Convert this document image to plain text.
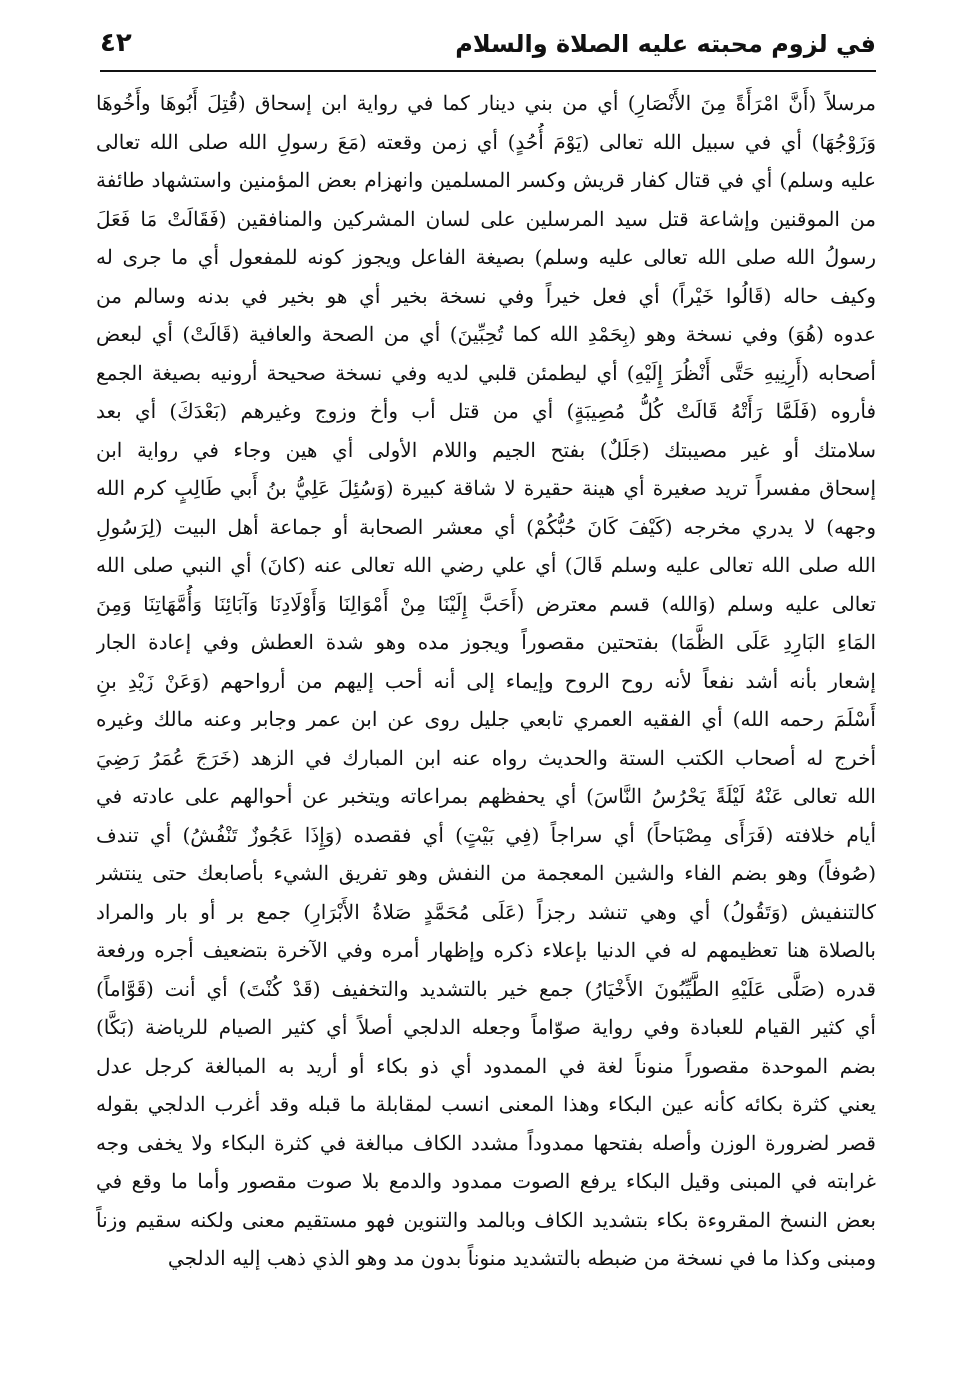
في لزوم محبته عليه الصلاة والسلام
٤٢
مرسلاً (أَنَّ امْرَأَةً مِنَ الأَنْصَارِ) أي من بني دينار كما في رواية ابن إسحاق (قُتِلَ أَبُوهَا وأَخُوهَا
وَزَوْجُهَا) أي في سبيل الله تعالى (يَوْمَ أُحُدٍ) أي زمن وقعته (مَعَ رسولِ الله صلى الله تعالى
عليه وسلم) أي في قتال كفار قريش وكسر المسلمين وانهزام بعض المؤمنين واستشهاد طائفة
من الموقنين وإشاعة قتل سيد المرسلين على لسان المشركين والمنافقين (فَقَالَتْ مَا فَعَلَ
رسولُ الله صلى الله تعالى عليه وسلم) بصيغة الفاعل ويجوز كونه للمفعول أي ما جرى له
وكيف حاله (قَالُوا خَيْراً) أي فعل خيراً وفي نسخة بخير أي هو بخير في بدنه وسالم من
عدوه (هُوَ) وفي نسخة وهو (بِحَمْدِ الله كما تُحِبِّينَ) أي من الصحة والعافية (قَالَتْ) أي لبعض
أصحابه (أَرِنِيهِ حَتَّى أَنْظُرَ إِلَيْهِ) أي ليطمئن قلبي لديه وفي نسخة صحيحة أرونيه بصيغة الجمع
فأروه (فَلَمَّا رَأَتْهُ قَالَتْ كُلُّ مُصِيبَةٍ) أي من قتل أب وأخ وزوج وغيرهم (بَعْدَكَ) أي بعد
سلامتك أو غير مصيبتك (جَلَلٌ) بفتح الجيم واللام الأولى أي هين وجاء في رواية ابن
إسحاق مفسراً تريد صغيرة أي هينة حقيرة لا شاقة كبيرة (وَسُئِلَ عَلِيُّ بنُ أَبي طَالِبٍ كرم الله
وجهه) لا يدري مخرجه (كَيْفَ كَانَ حُبُّكُمْ) أي معشر الصحابة أو جماعة أهل البيت (لِرَسُولِ
الله صلى الله تعالى عليه وسلم قَالَ) أي علي رضي الله تعالى عنه (كانَ) أي النبي صلى الله
تعالى عليه وسلم (وَالله) قسم معترض (أَحَبَّ إِلَيْنَا مِنْ أَمْوَالِنَا وَأَوْلَادِنَا وَآبَائِنَا وَأُمَّهَاتِنَا وَمِنَ
المَاءِ البَارِدِ عَلَى الظَّمَا) بفتحتين مقصوراً ويجوز مده وهو شدة العطش وفي إعادة الجار
إشعار بأنه أشد نفعاً لأنه روح الروح وإيماء إلى أنه أحب إليهم من أرواحهم (وَعَنْ زَيْدِ بنِ
أَسْلَمَ رحمه الله) أي الفقيه العمري تابعي جليل روى عن ابن عمر وجابر وعنه مالك وغيره
أخرج له أصحاب الكتب الستة والحديث رواه عنه ابن المبارك في الزهد (خَرَجَ عُمَرُ رَضِيَ
الله تعالى عَنْهُ لَيْلَةً يَحْرُسُ النَّاسَ) أي يحفظهم بمراعاته ويتخبر عن أحوالهم على عادته في
أيام خلافته (فَرَأَى مِصْبَاحاً) أي سراجاً (فِي بَيْتٍ) أي فقصده (وَإِذَا عَجُوزٌ تَنْفُشُ) أي تندف
(صُوفاً) وهو بضم الفاء والشين المعجمة من النفش وهو تفريق الشيء بأصابعك حتى ينتشر
كالتنفيش (وَتَقُولُ) أي وهي تنشد رجزاً (عَلَى مُحَمَّدٍ صَلاةُ الأَبْرَارِ) جمع بر أو بار والمراد
بالصلاة هنا تعظيمهم له في الدنيا بإعلاء ذكره وإظهار أمره وفي الآخرة بتضعيف أجره ورفعة
قدره (صَلَّى عَلَيْهِ الطَّيِّبُونَ الأَخْيَارُ) جمع خير بالتشديد والتخفيف (قَدْ كُنْتَ) أي أنت (قَوَّاماً)
أي كثير القيام للعبادة وفي رواية صوّاماً وجعله الدلجي أصلاً أي كثير الصيام للرياضة (بَكَّا)
بضم الموحدة مقصوراً منوناً لغة في الممدود أي ذو بكاء أو أريد به المبالغة كرجل عدل
يعني كثرة بكائه كأنه عين البكاء وهذا المعنى انسب لمقابلة ما قبله وقد أغرب الدلجي بقوله
قصر لضرورة الوزن وأصله بفتحها ممدوداً مشدد الكاف مبالغة في كثرة البكاء ولا يخفى وجه
غرابته في المبنى وقيل البكاء يرفع الصوت ممدود والدمع بلا صوت مقصور وأما ما وقع في
بعض النسخ المقروءة بكاء بتشديد الكاف وبالمد والتنوين فهو مستقيم معنى ولكنه سقيم وزناً
ومبنى وكذا ما في نسخة من ضبطه بالتشديد منوناً بدون مد وهو الذي ذهب إليه الدلجي
